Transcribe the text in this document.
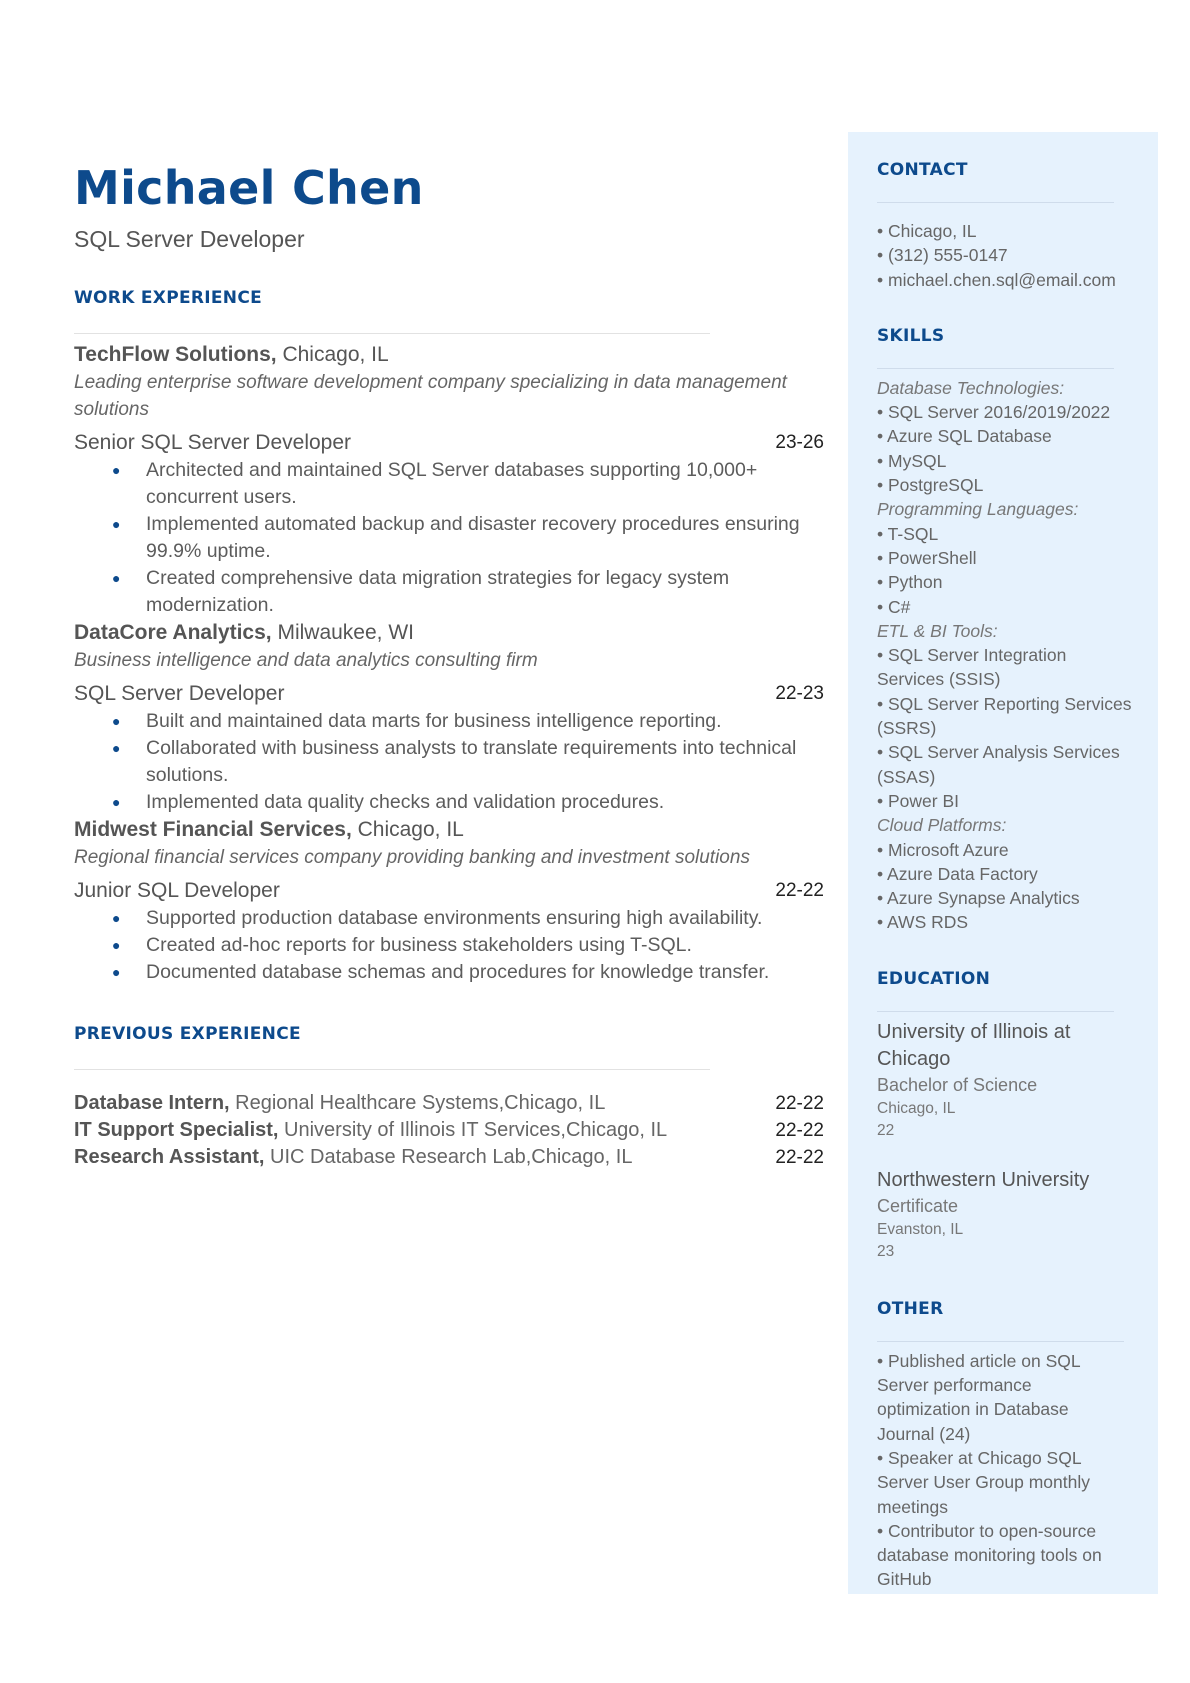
Michael Chen
SQL Server Developer
WORK EXPERIENCE
TechFlow Solutions, Chicago, IL
Leading enterprise software development company specializing in data management solutions
Senior SQL Server Developer	23-26
● Architected and maintained SQL Server databases supporting 10,000+ concurrent users.
● Implemented automated backup and disaster recovery procedures ensuring 99.9% uptime.
● Created comprehensive data migration strategies for legacy system modernization.
DataCore Analytics, Milwaukee, WI
Business intelligence and data analytics consulting firm
SQL Server Developer	22-23
● Built and maintained data marts for business intelligence reporting.
● Collaborated with business analysts to translate requirements into technical solutions.
● Implemented data quality checks and validation procedures.
Midwest Financial Services, Chicago, IL
Regional financial services company providing banking and investment solutions
Junior SQL Developer	22-22
● Supported production database environments ensuring high availability.
● Created ad-hoc reports for business stakeholders using T-SQL.
● Documented database schemas and procedures for knowledge transfer.
PREVIOUS EXPERIENCE
Database Intern, Regional Healthcare Systems,Chicago, IL	22-22
IT Support Specialist, University of Illinois IT Services,Chicago, IL	22-22
Research Assistant, UIC Database Research Lab,Chicago, IL	22-22
CONTACT
• Chicago, IL
• (312) 555-0147
• michael.chen.sql@email.com
SKILLS
Database Technologies:
• SQL Server 2016/2019/2022
• Azure SQL Database
• MySQL
• PostgreSQL
Programming Languages:
• T-SQL
• PowerShell
• Python
• C#
ETL & BI Tools:
• SQL Server Integration Services (SSIS)
• SQL Server Reporting Services (SSRS)
• SQL Server Analysis Services (SSAS)
• Power BI
Cloud Platforms:
• Microsoft Azure
• Azure Data Factory
• Azure Synapse Analytics
• AWS RDS
EDUCATION
University of Illinois at Chicago
Bachelor of Science
Chicago, IL
22
Northwestern University
Certificate
Evanston, IL
23
OTHER
• Published article on SQL Server performance optimization in Database Journal (24)
• Speaker at Chicago SQL Server User Group monthly meetings
• Contributor to open-source database monitoring tools on GitHub
